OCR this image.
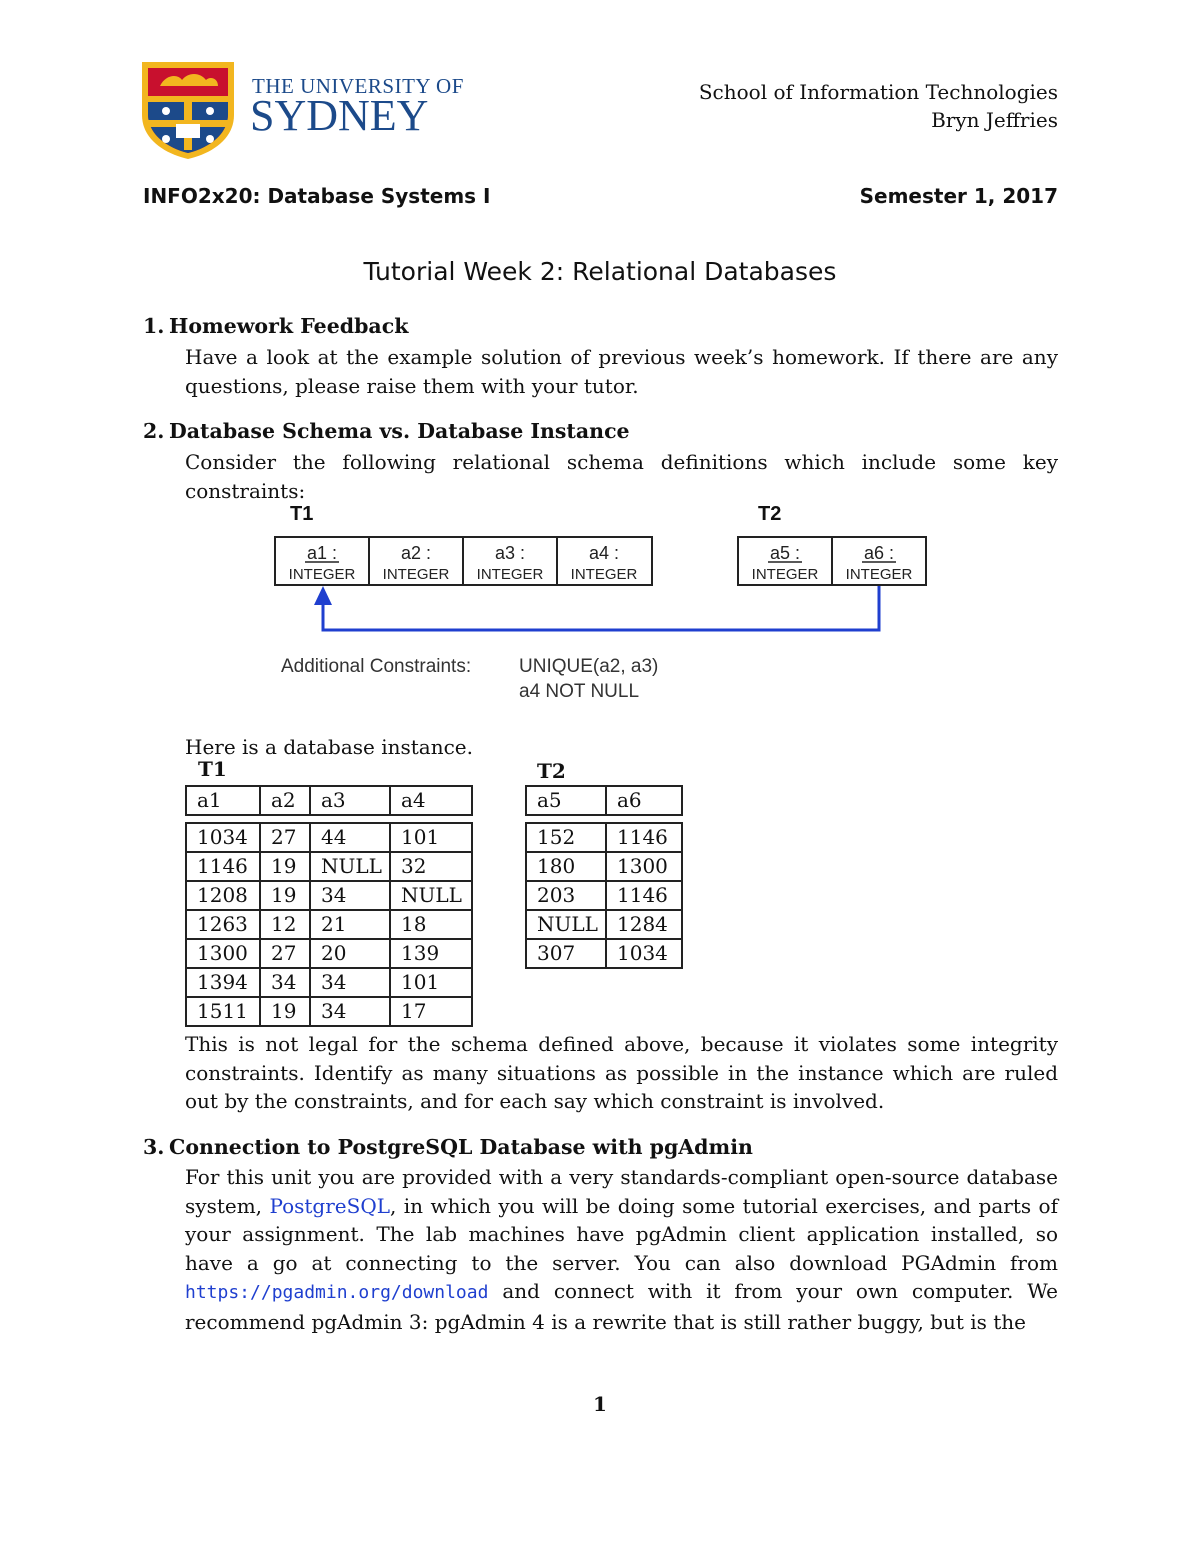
THE UNIVERSITY OF
SYDNEY	School of Information Technologies
Bryn Jeffries
INFO2x20: Database Systems I	Semester 1, 2017
Tutorial Week 2: Relational Databases
1. Homework Feedback
Have a look at the example solution of previous week’s homework. If there are any questions, please raise them with your tutor.
2. Database Schema vs. Database Instance
Consider the following relational schema definitions which include some key constraints:
T1	T2
a1 :
INTEGER
a2 :
INTEGER
a3 :
INTEGER
a4 :
INTEGER
a5 :
INTEGER
a6 :
INTEGER
Additional Constraints:	UNIQUE(a2, a3)
a4 NOT NULL
Here is a database instance.
T1
a1	a2	a3	a4

1034	27	44	101
1146	19	NULL	32
1208	19	34	NULL
1263	12	21	18
1300	27	20	139
1394	34	34	101
1511	19	34	17
T2
a5	a6

152	1146
180	1300
203	1146
NULL	1284
307	1034
This is not legal for the schema defined above, because it violates some integrity constraints. Identify as many situations as possible in the instance which are ruled out by the constraints, and for each say which constraint is involved.
3. Connection to PostgreSQL Database with pgAdmin
For this unit you are provided with a very standards-compliant open-source database system, PostgreSQL, in which you will be doing some tutorial exercises, and parts of your assignment. The lab machines have pgAdmin client application installed, so have a go at connecting to the server. You can also download PGAdmin from https://pgadmin.org/download and connect with it from your own computer. We recommend pgAdmin 3: pgAdmin 4 is a rewrite that is still rather buggy, but is the
1
